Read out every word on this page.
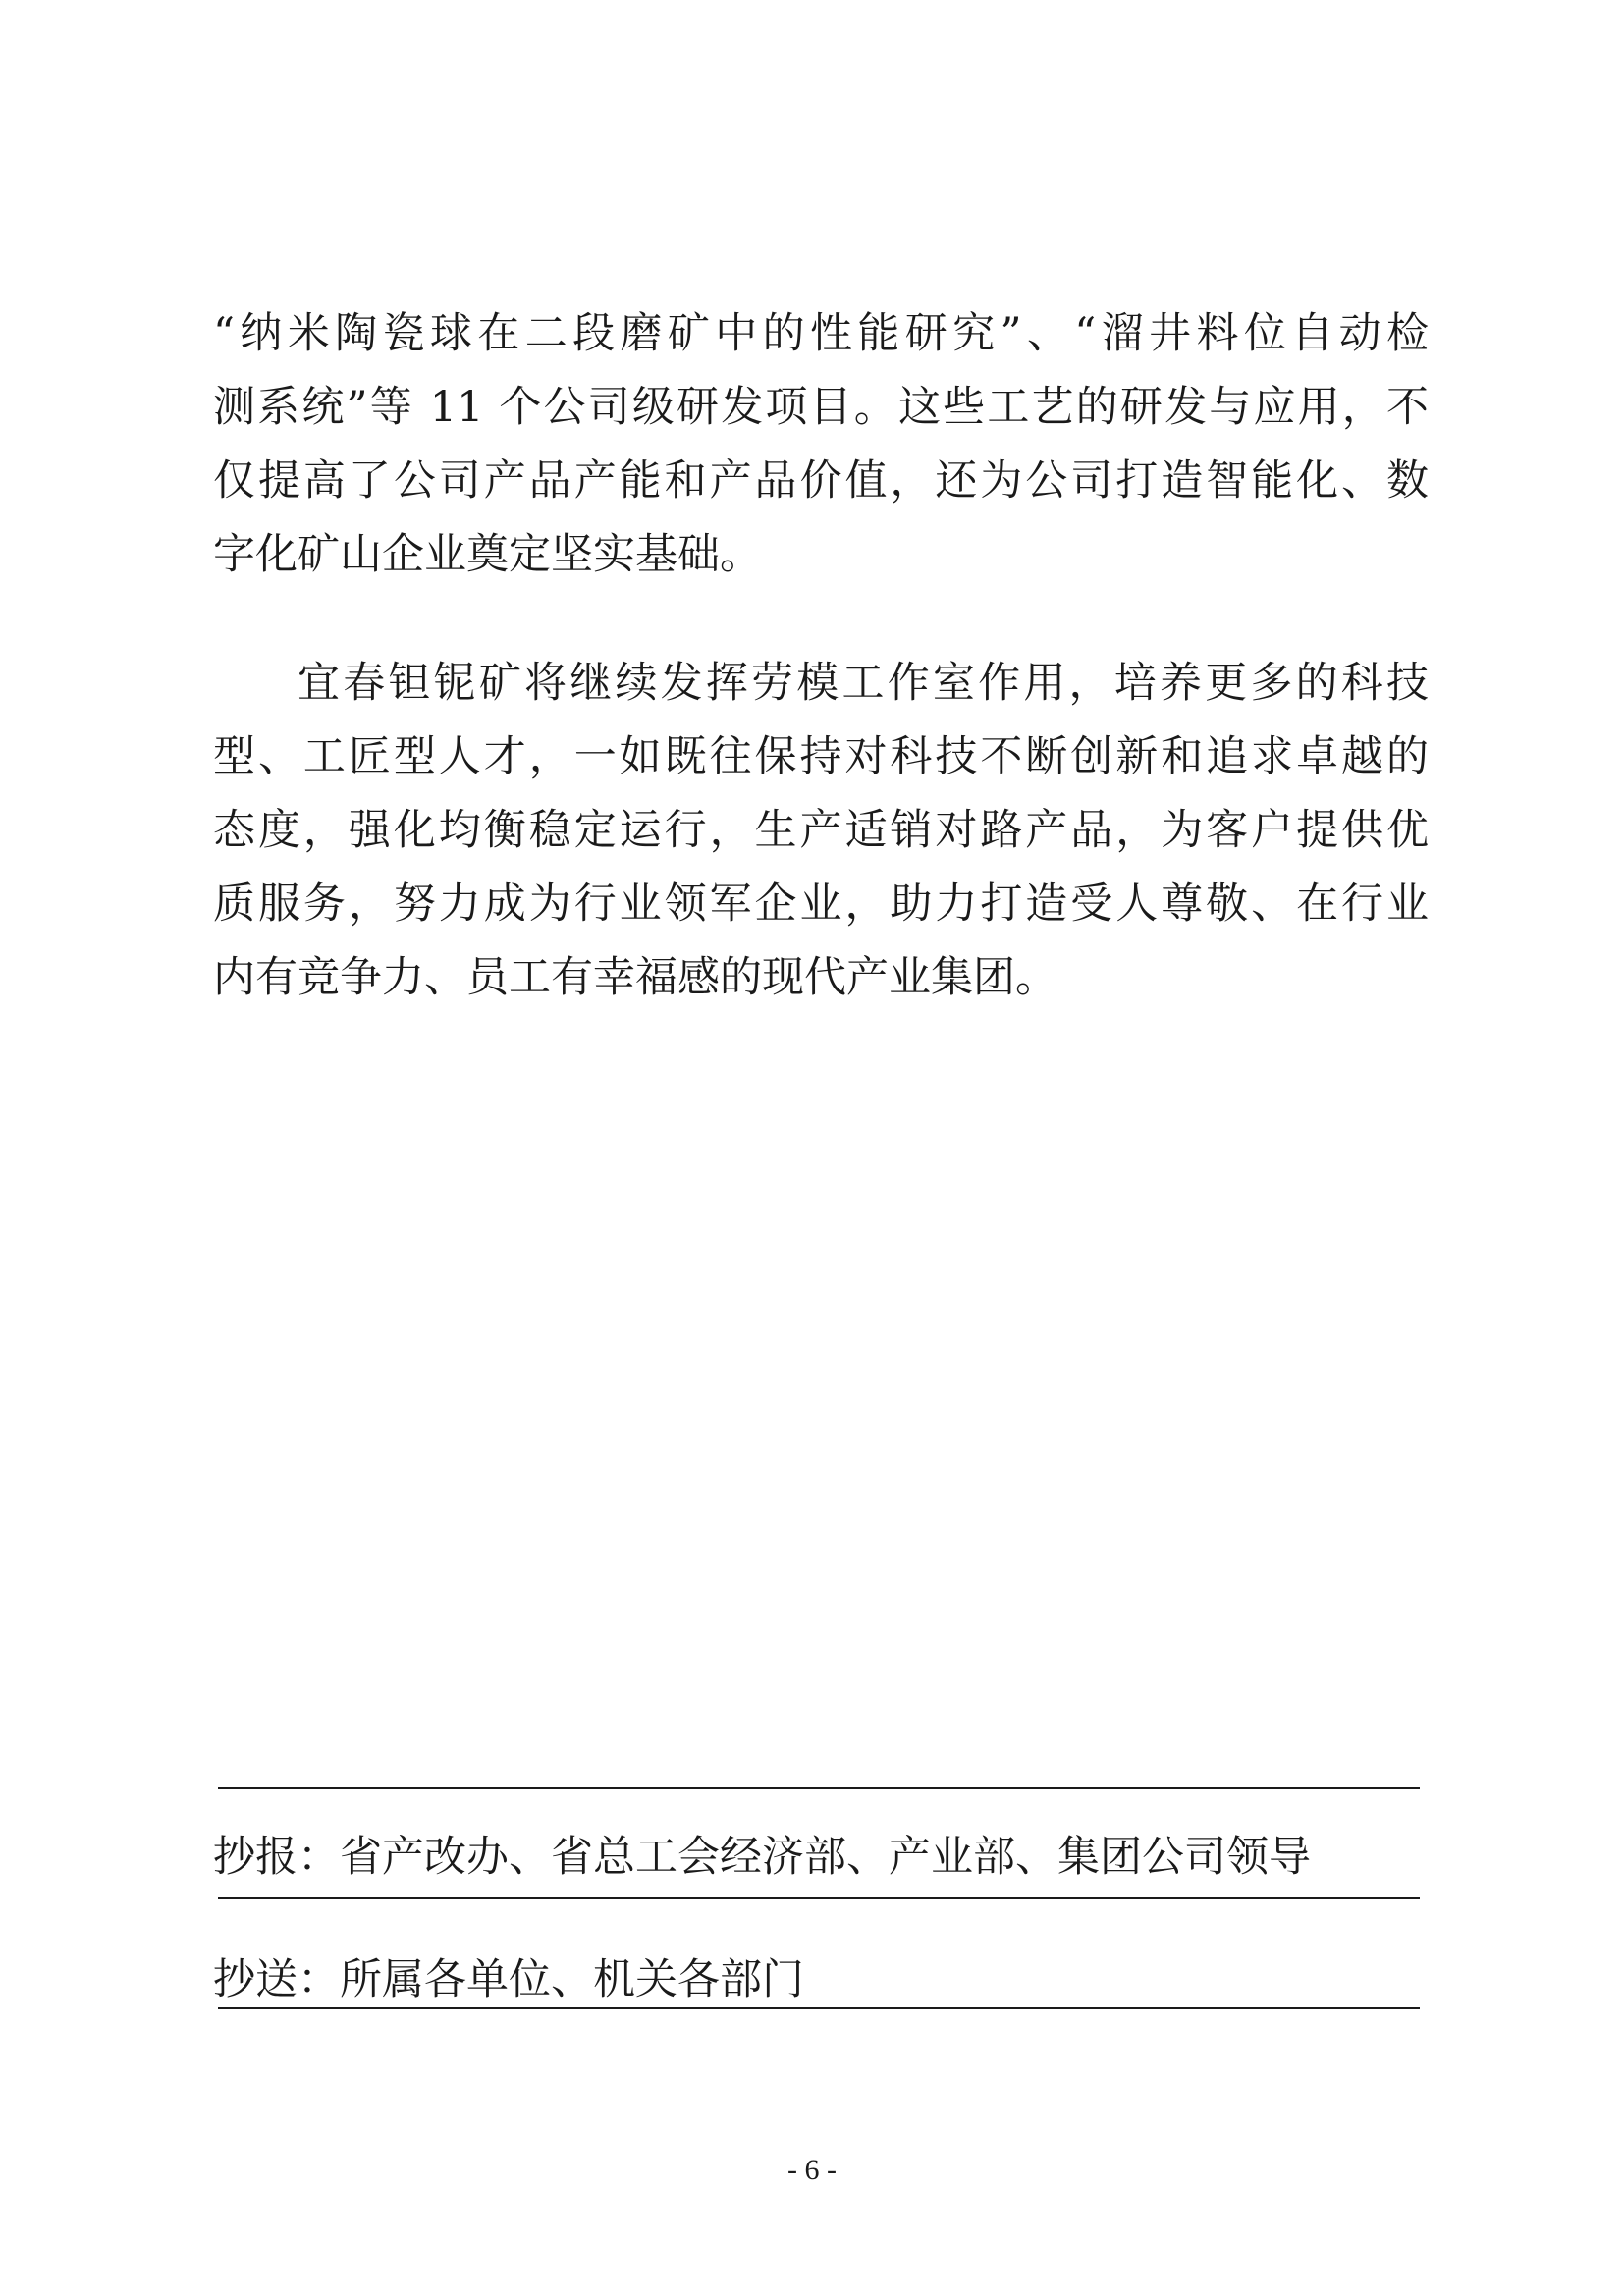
“纳米陶瓷球在二段磨矿中的性能研究”、“溜井料位自动检
测系统”等 11 个公司级研发项目。这些工艺的研发与应用，不
仅提高了公司产品产能和产品价值，还为公司打造智能化、数
字化矿山企业奠定坚实基础。
宜春钽铌矿将继续发挥劳模工作室作用，培养更多的科技
型、工匠型人才，一如既往保持对科技不断创新和追求卓越的
态度，强化均衡稳定运行，生产适销对路产品，为客户提供优
质服务，努力成为行业领军企业，助力打造受人尊敬、在行业
内有竞争力、员工有幸福感的现代产业集团。
抄报：省产改办、省总工会经济部、产业部、集团公司领导
抄送：所属各单位、机关各部门
- 6 -
